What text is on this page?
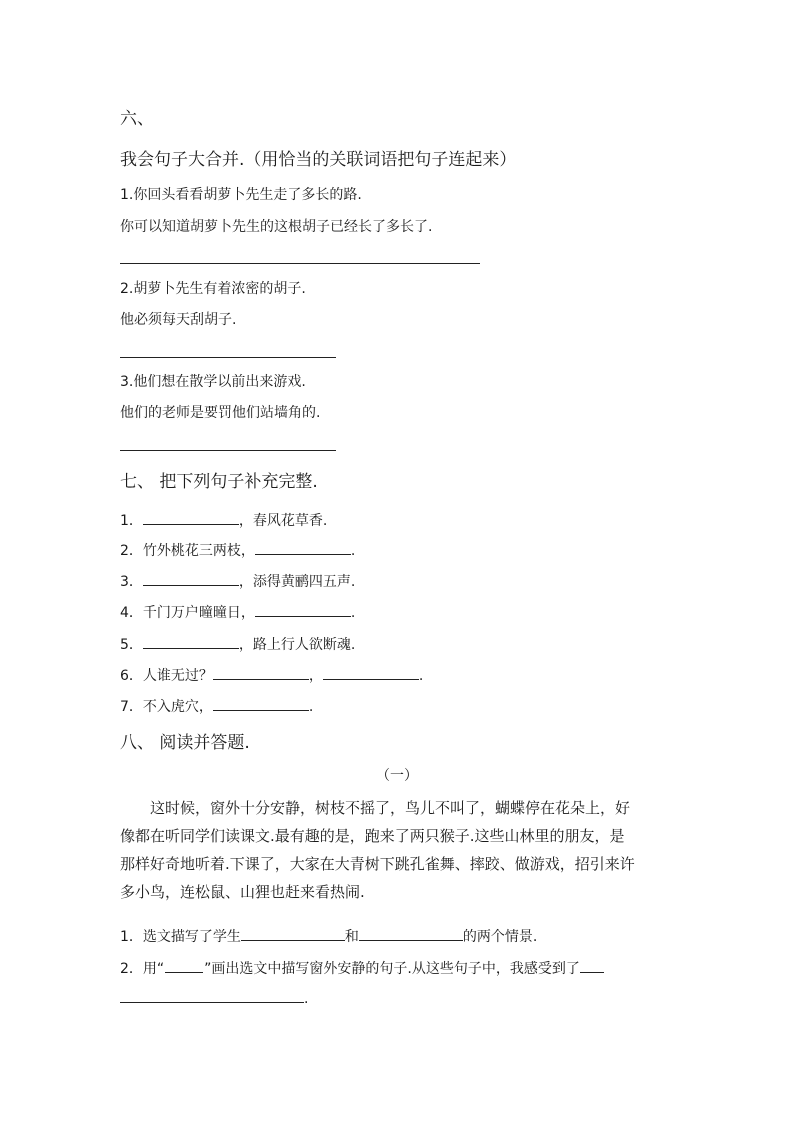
六、
我会句子大合并.（用恰当的关联词语把句子连起来）
1.你回头看看胡萝卜先生走了多长的路.
你可以知道胡萝卜先生的这根胡子已经长了多长了.
2.胡萝卜先生有着浓密的胡子.
他必须每天刮胡子.
3.他们想在散学以前出来游戏.
他们的老师是要罚他们站墙角的.
七、 把下列句子补充完整.
1．	，春风花草香.
2．竹外桃花三两枝，	.
3．	，添得黄鹂四五声.
4．千门万户曈曈日，	.
5．	，路上行人欲断魂.
6．人谁无过？	，	.
7．不入虎穴，	.
八、 阅读并答题.
（一）
这时候，窗外十分安静，树枝不摇了，鸟儿不叫了，蝴蝶停在花朵上，好
像都在听同学们读课文.最有趣的是，跑来了两只猴子.这些山林里的朋友，是
那样好奇地听着.下课了，大家在大青树下跳孔雀舞、摔跤、做游戏，招引来许
多小鸟，连松鼠、山狸也赶来看热闹.
1．选文描写了学生	和	的两个情景.
2．用“	”画出选文中描写窗外安静的句子.从这些句子中，我感受到了
.
